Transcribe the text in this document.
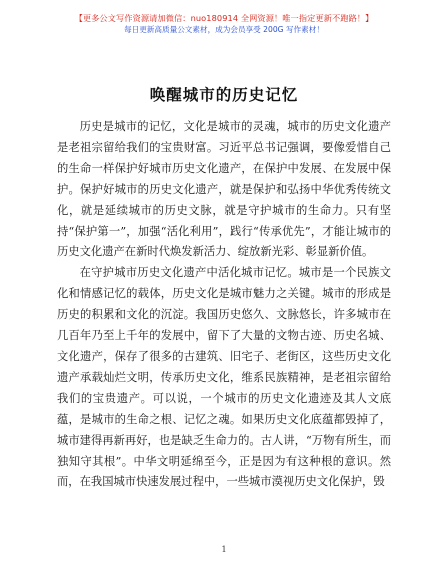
【更多公文写作资源请加微信：nuo180914 全网资源！唯一指定更新不跑路！】
每日更新高质量公文素材，成为会员享受 200G 写作素材！
唤醒城市的历史记忆

历史是城市的记忆，文化是城市的灵魂，城市的历史文化遗产是老祖宗留给我们的宝贵财富。习近平总书记强调，要像爱惜自己的生命一样保护好城市历史文化遗产，在保护中发展、在发展中保护。保护好城市的历史文化遗产，就是保护和弘扬中华优秀传统文化，就是延续城市的历史文脉，就是守护城市的生命力。只有坚持“保护第一”，加强“活化利用”，践行“传承优先”，才能让城市的历史文化遗产在新时代焕发新活力、绽放新光彩、彰显新价值。

在守护城市历史文化遗产中活化城市记忆。城市是一个民族文化和情感记忆的载体，历史文化是城市魅力之关键。城市的形成是历史的积累和文化的沉淀。我国历史悠久、文脉悠长，许多城市在几百年乃至上千年的发展中，留下了大量的文物古迹、历史名城、文化遗产，保存了很多的古建筑、旧宅子、老街区，这些历史文化遗产承载灿烂文明，传承历史文化，维系民族精神，是老祖宗留给我们的宝贵遗产。可以说，一个城市的历史文化遗迹及其人文底蕴，是城市的生命之根、记忆之魂。如果历史文化底蕴都毁掉了，城市建得再新再好，也是缺乏生命力的。古人讲，“万物有所生，而独知守其根”。中华文明延绵至今，正是因为有这种根的意识。然而，在我国城市快速发展过程中，一些城市漠视历史文化保护，毁

1
